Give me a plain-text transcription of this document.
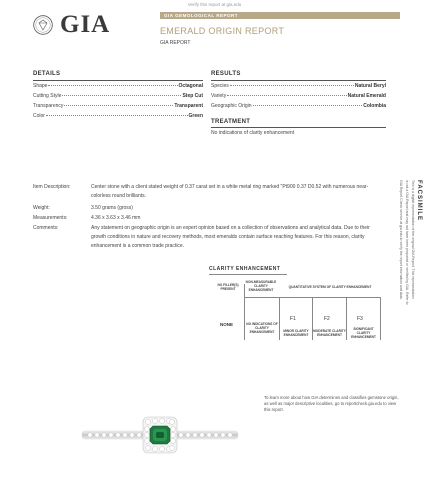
Verify this report at gia.edu
GIA	GIA GEMOLOGICAL REPORT
EMERALD ORIGIN REPORT
GIA REPORT
DETAILS
Shape	Octagonal
Cutting Style	Step Cut
Transparency	Transparent
Color	Green
RESULTS
Species	Natural Beryl
Variety	Natural Emerald
Geographic Origin	Colombia
TREATMENT
No indications of clarity enhancement
FACSIMILE
This is a digital representation of the original GIA Report. This representation
is not a GIA Report and may not have been prepared or verified by GIA. Refer to
GIA Report Check service at gia.edu to verify the report information and data.
Item Description:	Center stone with a client stated weight of 0.37 carat set in a white metal ring marked "Pt900 0.37 D0.52 with numerous near-colorless round brilliants.
Weight:	3.50 grams (gross)
Measurements:	4.36 x 3.63 x 3.46 mm
Comments:	Any statement on geographic origin is an expert opinion based on a collection of observations and analytical data. Due to their growth conditions in nature and recovery methods, most emeralds contain surface reaching features. For this reason, clarity enhancement is a common trade practice.
CLARITY ENHANCEMENT
NO FILLER(S) PRESENT
NON-MEASURABLE CLARITY ENHANCEMENT
QUANTITATIVE SYSTEM OF CLARITY ENHANCEMENT
NONE	NO INDICATIONS OF CLARITY ENHANCEMENT
F1	F2	F3
MINOR CLARITY ENHANCEMENT
MODERATE CLARITY ENHANCEMENT
SIGNIFICANT CLARITY ENHANCEMENT
To learn more about how GIA determines and classifies gemstone origin, as well as major descriptive localities, go to reportcheck.gia.edu to view this report.
